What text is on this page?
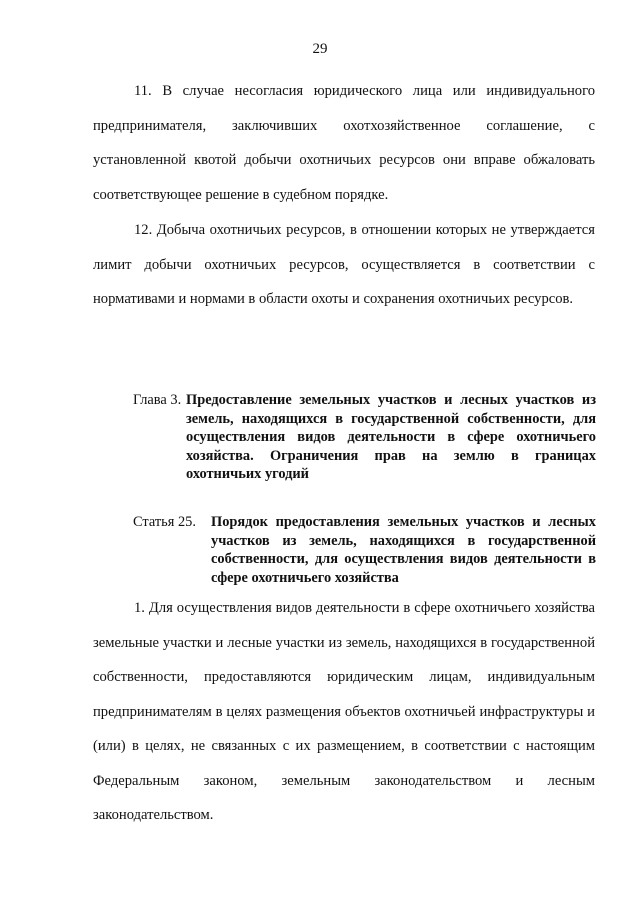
29

11. В случае несогласия юридического лица или индивидуального предпринимателя, заключивших охотхозяйственное соглашение, с установленной квотой добычи охотничьих ресурсов они вправе обжаловать соответствующее решение в судебном порядке.

12. Добыча охотничьих ресурсов, в отношении которых не утверждается лимит добычи охотничьих ресурсов, осуществляется в соответствии с нормативами и нормами в области охоты и сохранения охотничьих ресурсов.

Глава 3. Предоставление земельных участков и лесных участков из земель, находящихся в государственной собственности, для осуществления видов деятельности в сфере охотничьего хозяйства. Ограничения прав на землю в границах охотничьих угодий
Статья 25. Порядок предоставления земельных участков и лесных участков из земель, находящихся в государственной собственности, для осуществления видов деятельности в сфере охотничьего хозяйства

1. Для осуществления видов деятельности в сфере охотничьего хозяйства земельные участки и лесные участки из земель, находящихся в государственной собственности, предоставляются юридическим лицам, индивидуальным предпринимателям в целях размещения объектов охотничьей инфраструктуры и (или) в целях, не связанных с их размещением, в соответствии с настоящим Федеральным законом, земельным законодательством и лесным законодательством.
